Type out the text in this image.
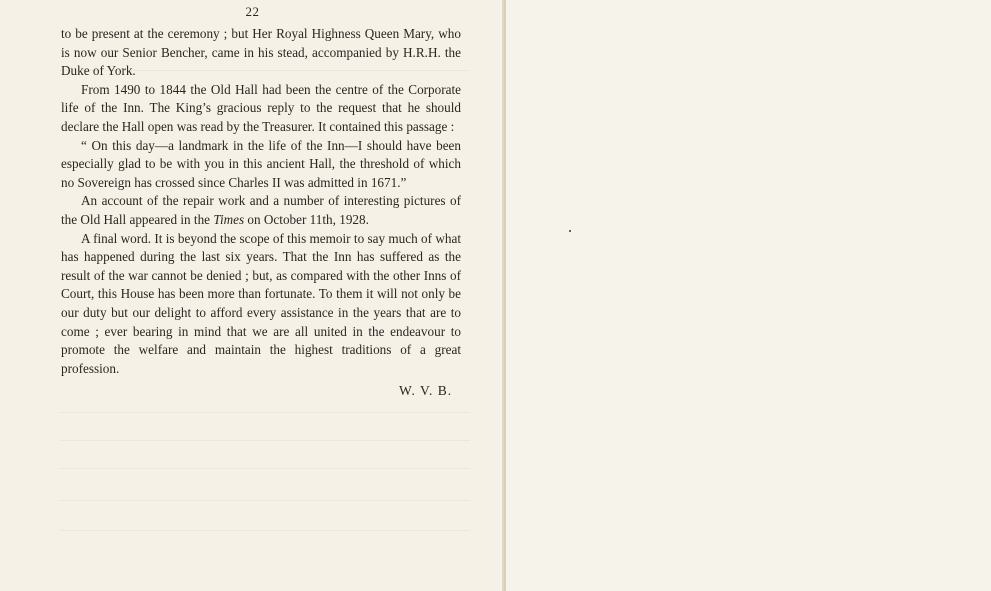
22

to be present at the ceremony ; but Her Royal Highness Queen Mary, who is now our Senior Bencher, came in his stead, accompanied by H.R.H. the Duke of York.

From 1490 to 1844 the Old Hall had been the centre of the Corporate life of the Inn. The King’s gracious reply to the request that he should declare the Hall open was read by the Treasurer. It contained this passage :

“ On this day—a landmark in the life of the Inn—I should have been especially glad to be with you in this ancient Hall, the threshold of which no Sovereign has crossed since Charles II was admitted in 1671.”

An account of the repair work and a number of interesting pictures of the Old Hall appeared in the Times on October 11th, 1928.

A final word. It is beyond the scope of this memoir to say much of what has happened during the last six years. That the Inn has suffered as the result of the war cannot be denied ; but, as compared with the other Inns of Court, this House has been more than fortunate. To them it will not only be our duty but our delight to afford every assistance in the years that are to come ; ever bearing in mind that we are all united in the endeavour to promote the welfare and maintain the highest traditions of a great profession.

W. V. B.
